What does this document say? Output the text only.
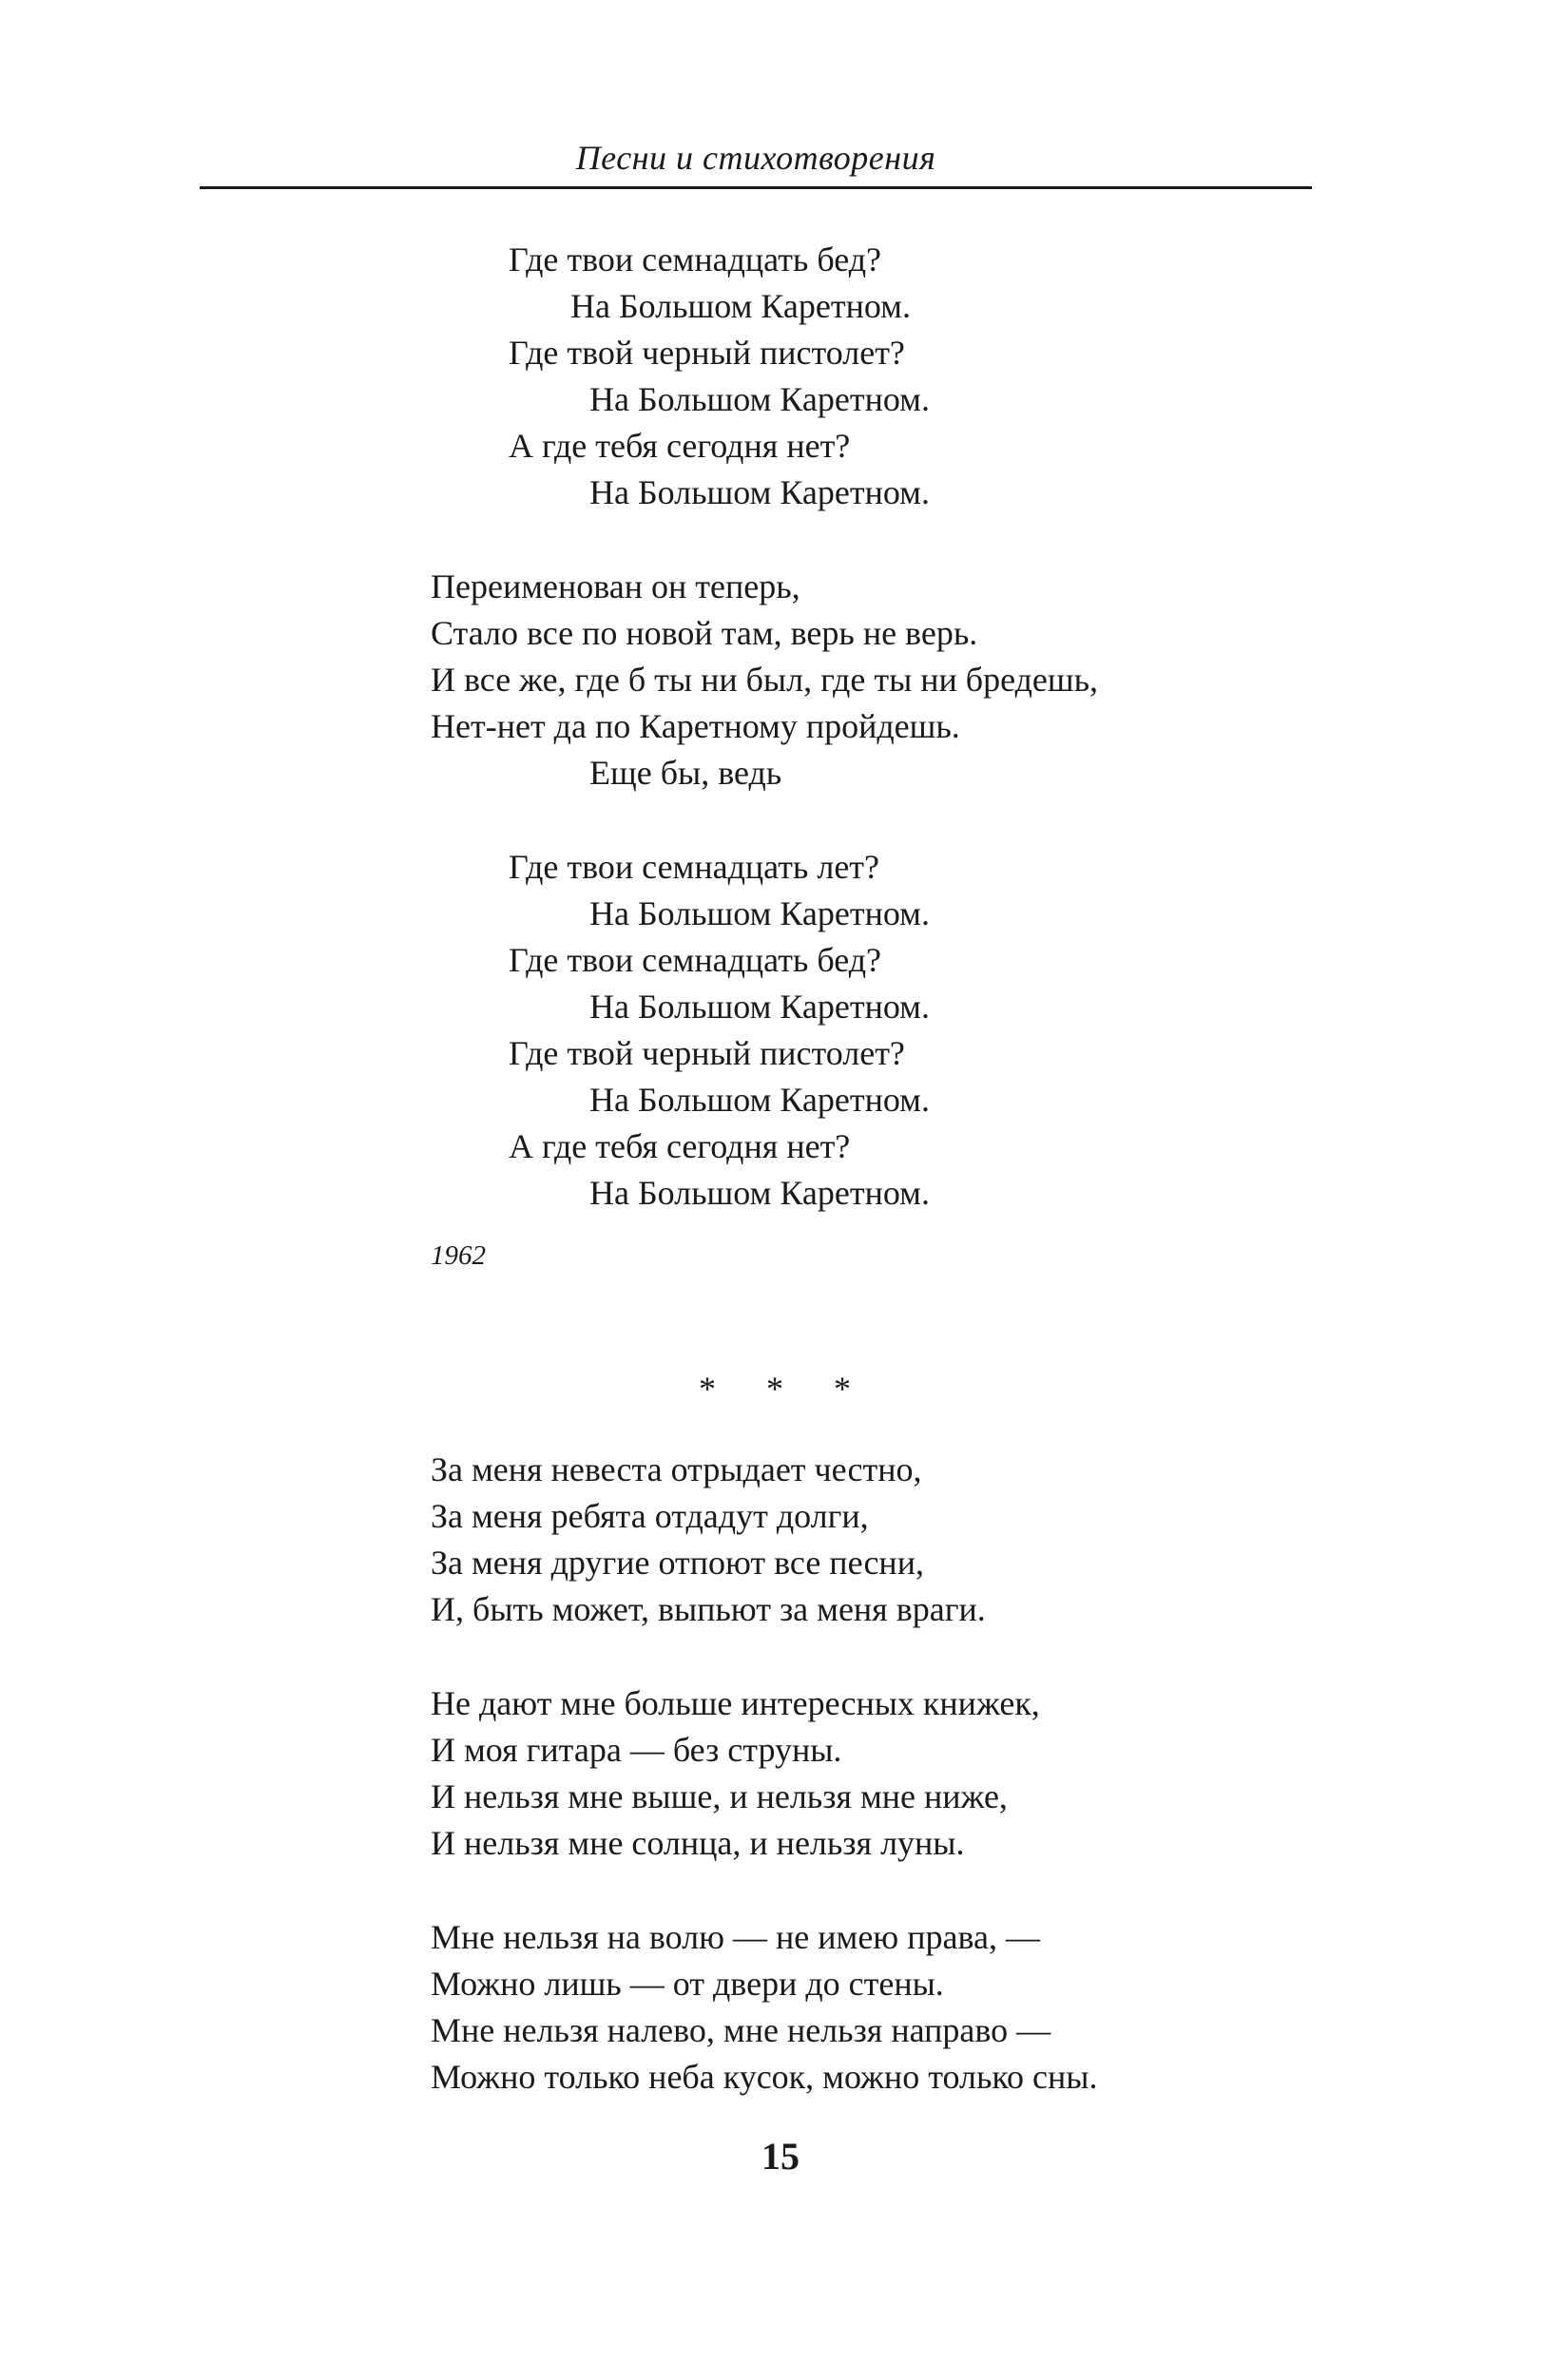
Песни и стихотворения
Где твои семнадцать бед?
На Большом Каретном.
Где твой черный пистолет?
На Большом Каретном.
А где тебя сегодня нет?
На Большом Каретном.
Переименован он теперь,
Стало все по новой там, верь не верь.
И все же, где б ты ни был, где ты ни бредешь,
Нет-нет да по Каретному пройдешь.
Еще бы, ведь
Где твои семнадцать лет?
На Большом Каретном.
Где твои семнадцать бед?
На Большом Каретном.
Где твой черный пистолет?
На Большом Каретном.
А где тебя сегодня нет?
На Большом Каретном.
1962
* * *
За меня невеста отрыдает честно,
За меня ребята отдадут долги,
За меня другие отпоют все песни,
И, быть может, выпьют за меня враги.
Не дают мне больше интересных книжек,
И моя гитара — без струны.
И нельзя мне выше, и нельзя мне ниже,
И нельзя мне солнца, и нельзя луны.
Мне нельзя на волю — не имею права, —
Можно лишь — от двери до стены.
Мне нельзя налево, мне нельзя направо —
Можно только неба кусок, можно только сны.
15
